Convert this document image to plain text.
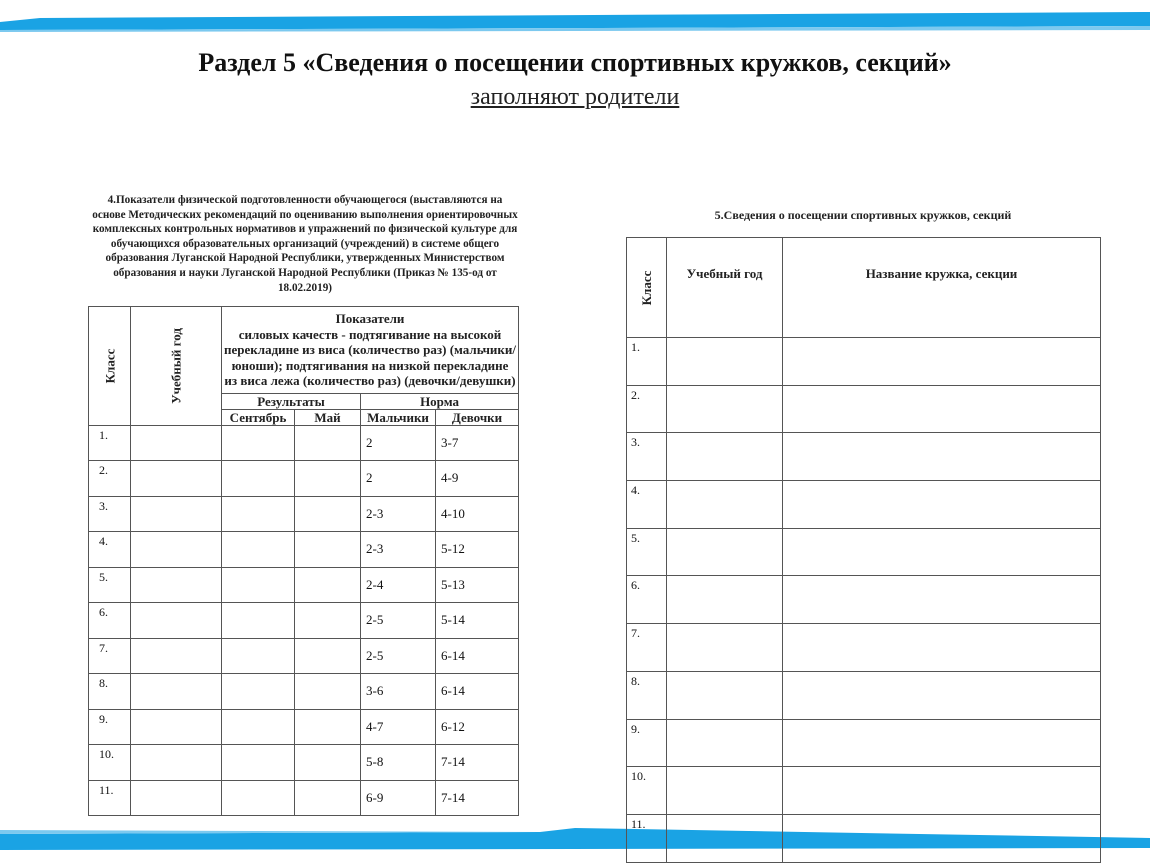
Раздел 5 «Сведения о посещении спортивных кружков, секций»
заполняют родители
4.Показатели физической подготовленности обучающегося (выставляются на основе Методических рекомендаций по оцениванию выполнения ориентировочных комплексных контрольных нормативов и упражнений по физической культуре для обучающихся образовательных организаций (учреждений) в системе общего образования Луганской Народной Республики, утвержденных Министерством образования и науки Луганской Народной Республики (Приказ № 135-од от 18.02.2019)
Класс	Учебный год	Показатели
силовых качеств - подтягивание на высокой перекладине из виса (количество раз) (мальчики/юноши); подтягивания на низкой перекладине из виса лежа (количество раз) (девочки/девушки)			

		Результаты		Норма	
		Сентябрь	Май	Мальчики	Девочки
1.				2	3-7
2.				2	4-9
3.				2-3	4-10
4.				2-3	5-12
5.				2-4	5-13
6.				2-5	5-14
7.				2-5	6-14
8.				3-6	6-14
9.				4-7	6-12
10.				5-8	7-14
11.				6-9	7-14
5.Сведения о посещении спортивных кружков, секций
Класс	Учебный год	Название кружка, секции
1.		
2.		
3.		
4.		
5.		
6.		
7.		
8.		
9.		
10.		
11.		
